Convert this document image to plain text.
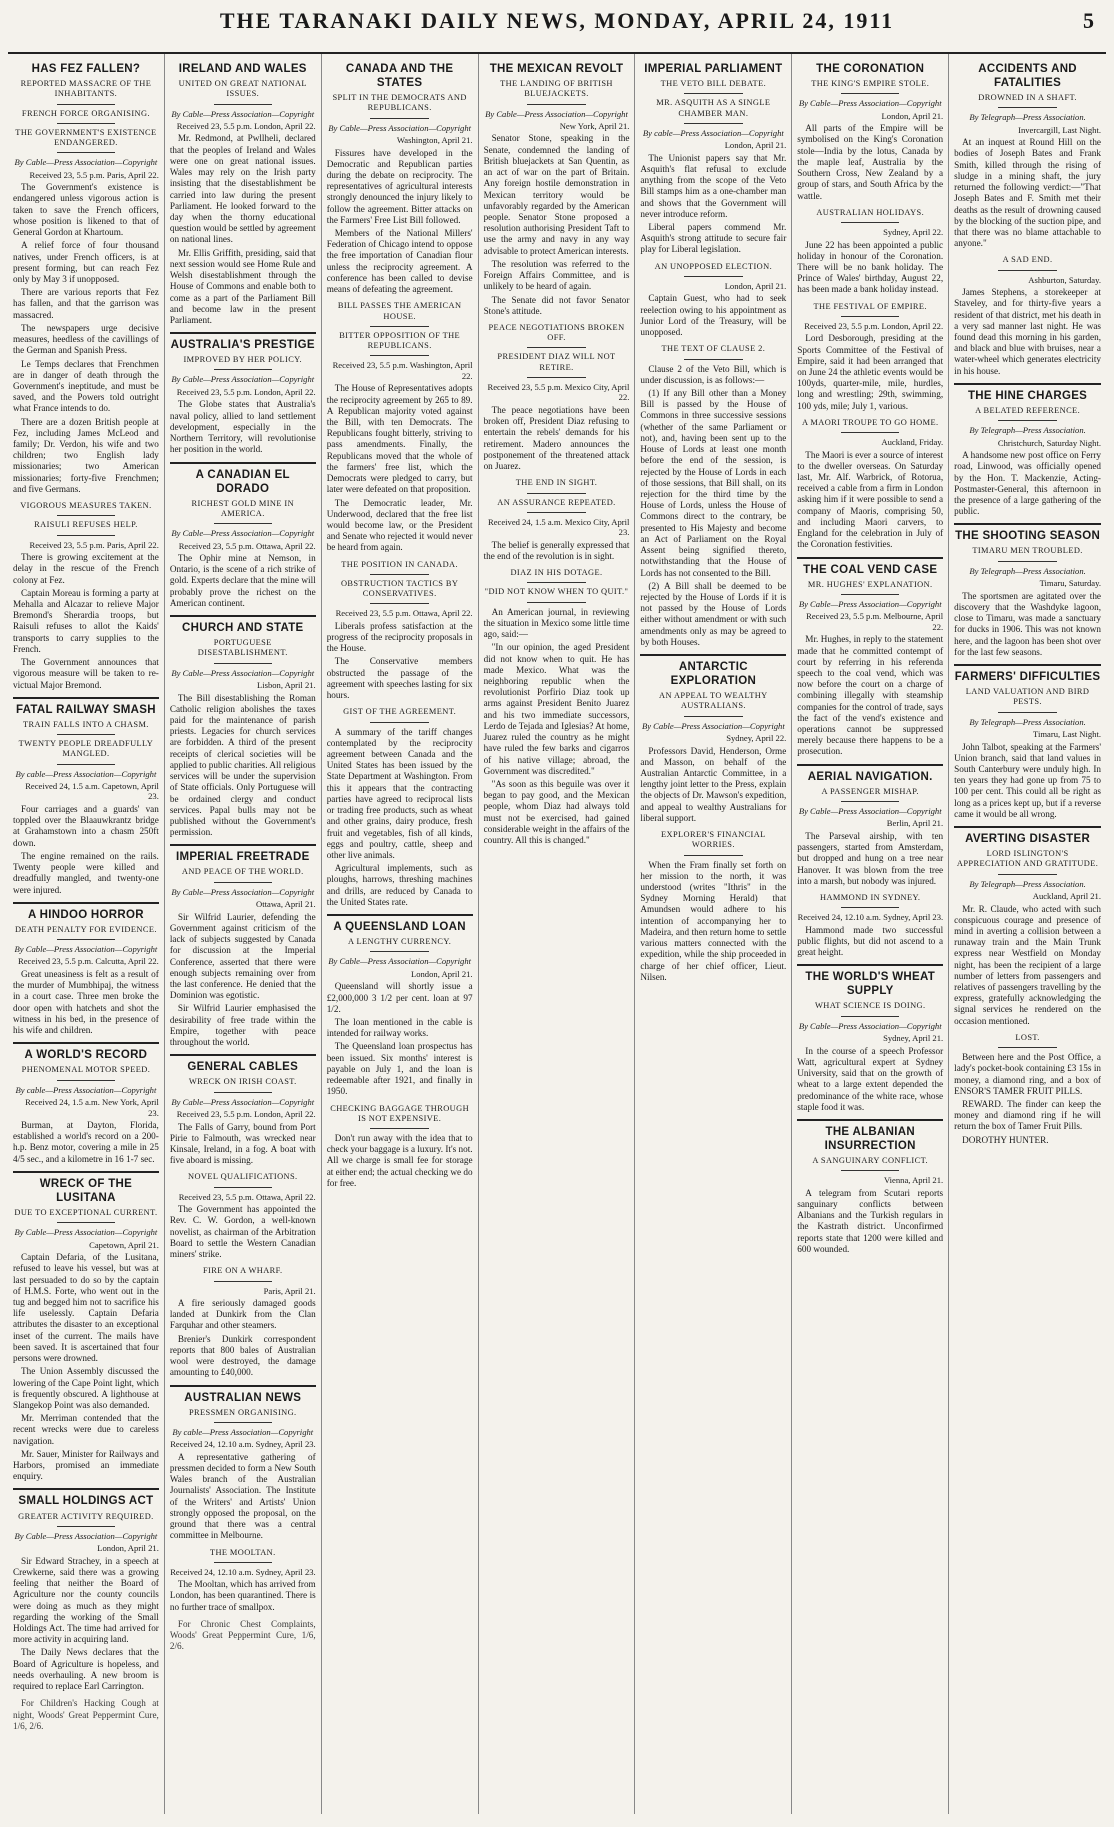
THE TARANAKI DAILY NEWS, MONDAY, APRIL 24, 1911	5
HAS FEZ FALLEN?
REPORTED MASSACRE OF THE INHABITANTS.
FRENCH FORCE ORGANISING.
THE GOVERNMENT'S EXISTENCE ENDANGERED.
By Cable—Press Association—Copyright
Received 23, 5.5 p.m. Paris, April 22.

The Government's existence is endangered unless vigorous action is taken to save the French officers, whose position is likened to that of General Gordon at Khartoum.

A relief force of four thousand natives, under French officers, is at present forming, but can reach Fez only by May 3 if unopposed.

There are various reports that Fez has fallen, and that the garrison was massacred.

The newspapers urge decisive measures, heedless of the cavillings of the German and Spanish Press.

Le Temps declares that Frenchmen are in danger of death through the Government's ineptitude, and must be saved, and the Powers told outright what France intends to do.

There are a dozen British people at Fez, including James McLeod and family; Dr. Verdon, his wife and two children; two English lady missionaries; two American missionaries; forty-five Frenchmen; and five Germans.

VIGOROUS MEASURES TAKEN.
RAISULI REFUSES HELP.
Received 23, 5.5 p.m. Paris, April 22.

There is growing excitement at the delay in the rescue of the French colony at Fez.

Captain Moreau is forming a party at Mehalla and Alcazar to relieve Major Bremond's Sherardia troops, but Raisuli refuses to allot the Kaids' transports to carry supplies to the French.

The Government announces that vigorous measure will be taken to re-victual Major Bremond.

FATAL RAILWAY SMASH
TRAIN FALLS INTO A CHASM.
TWENTY PEOPLE DREADFULLY MANGLED.
By cable—Press Association—Copyright
Received 24, 1.5 a.m. Capetown, April 23.

Four carriages and a guards' van toppled over the Blaauwkrantz bridge at Grahamstown into a chasm 250ft down.

The engine remained on the rails. Twenty people were killed and dreadfully mangled, and twenty-one were injured.

A HINDOO HORROR
DEATH PENALTY FOR EVIDENCE.
By Cable—Press Association—Copyright
Received 23, 5.5 p.m. Calcutta, April 22.

Great uneasiness is felt as a result of the murder of Mumbhipaj, the witness in a court case. Three men broke the door open with hatchets and shot the witness in his bed, in the presence of his wife and children.

A WORLD'S RECORD
PHENOMENAL MOTOR SPEED.
By cable—Press Association—Copyright
Received 24, 1.5 a.m. New York, April 23.

Burman, at Dayton, Florida, established a world's record on a 200-h.p. Benz motor, covering a mile in 25 4/5 sec., and a kilometre in 16 1-7 sec.

WRECK OF THE LUSITANA
DUE TO EXCEPTIONAL CURRENT.
By Cable—Press Association—Copyright
Capetown, April 21.

Captain Defaria, of the Lusitana, refused to leave his vessel, but was at last persuaded to do so by the captain of H.M.S. Forte, who went out in the tug and begged him not to sacrifice his life uselessly. Captain Defaria attributes the disaster to an exceptional inset of the current. The mails have been saved. It is ascertained that four persons were drowned.

The Union Assembly discussed the lowering of the Cape Point light, which is frequently obscured. A lighthouse at Slangekop Point was also demanded.

Mr. Merriman contended that the recent wrecks were due to careless navigation.

Mr. Sauer, Minister for Railways and Harbors, promised an immediate enquiry.

SMALL HOLDINGS ACT
GREATER ACTIVITY REQUIRED.
By Cable—Press Association—Copyright
London, April 21.

Sir Edward Strachey, in a speech at Crewkerne, said there was a growing feeling that neither the Board of Agriculture nor the county councils were doing as much as they might regarding the working of the Small Holdings Act. The time had arrived for more activity in acquiring land.

The Daily News declares that the Board of Agriculture is hopeless, and needs overhauling. A new broom is required to replace Earl Carrington.

For Children's Hacking Cough at night, Woods' Great Peppermint Cure, 1/6, 2/6.

IRELAND AND WALES
UNITED ON GREAT NATIONAL ISSUES.
By Cable—Press Association—Copyright
Received 23, 5.5 p.m. London, April 22.

Mr. Redmond, at Pwllheli, declared that the peoples of Ireland and Wales were one on great national issues. Wales may rely on the Irish party insisting that the disestablishment be carried into law during the present Parliament. He looked forward to the day when the thorny educational question would be settled by agreement on national lines.

Mr. Ellis Griffith, presiding, said that next session would see Home Rule and Welsh disestablishment through the House of Commons and enable both to come as a part of the Parliament Bill and become law in the present Parliament.

AUSTRALIA'S PRESTIGE
IMPROVED BY HER POLICY.
By Cable—Press Association—Copyright
Received 23, 5.5 p.m. London, April 22.

The Globe states that Australia's naval policy, allied to land settlement development, especially in the Northern Territory, will revolutionise her position in the world.

A CANADIAN EL DORADO
RICHEST GOLD MINE IN AMERICA.
By Cable—Press Association—Copyright
Received 23, 5.5 p.m. Ottawa, April 22.

The Ophir mine at Nemson, in Ontario, is the scene of a rich strike of gold. Experts declare that the mine will probably prove the richest on the American continent.

CHURCH AND STATE
PORTUGUESE DISESTABLISHMENT.
By Cable—Press Association—Copyright
Lisbon, April 21.

The Bill disestablishing the Roman Catholic religion abolishes the taxes paid for the maintenance of parish priests. Legacies for church services are forbidden. A third of the present receipts of clerical societies will be applied to public charities. All religious services will be under the supervision of State officials. Only Portuguese will be ordained clergy and conduct services. Papal bulls may not be published without the Government's permission.

IMPERIAL FREETRADE
AND PEACE OF THE WORLD.
By Cable—Press Association—Copyright
Ottawa, April 21.

Sir Wilfrid Laurier, defending the Government against criticism of the lack of subjects suggested by Canada for discussion at the Imperial Conference, asserted that there were enough subjects remaining over from the last conference. He denied that the Dominion was egotistic.

Sir Wilfrid Laurier emphasised the desirability of free trade within the Empire, together with peace throughout the world.

GENERAL CABLES
WRECK ON IRISH COAST.
By Cable—Press Association—Copyright
Received 23, 5.5 p.m. London, April 22.

The Falls of Garry, bound from Port Pirie to Falmouth, was wrecked near Kinsale, Ireland, in a fog. A boat with five aboard is missing.

NOVEL QUALIFICATIONS.
Received 23, 5.5 p.m. Ottawa, April 22.

The Government has appointed the Rev. C. W. Gordon, a well-known novelist, as chairman of the Arbitration Board to settle the Western Canadian miners' strike.

FIRE ON A WHARF.
Paris, April 21.

A fire seriously damaged goods landed at Dunkirk from the Clan Farquhar and other steamers.

Brenier's Dunkirk correspondent reports that 800 bales of Australian wool were destroyed, the damage amounting to £40,000.

AUSTRALIAN NEWS
PRESSMEN ORGANISING.
By cable—Press Association—Copyright
Received 24, 12.10 a.m. Sydney, April 23.

A representative gathering of pressmen decided to form a New South Wales branch of the Australian Journalists' Association. The Institute of the Writers' and Artists' Union strongly opposed the proposal, on the ground that there was a central committee in Melbourne.

THE MOOLTAN.
Received 24, 12.10 a.m. Sydney, April 23.

The Mooltan, which has arrived from London, has been quarantined. There is no further trace of smallpox.

For Chronic Chest Complaints, Woods' Great Peppermint Cure, 1/6, 2/6.

CANADA AND THE STATES
SPLIT IN THE DEMOCRATS AND REPUBLICANS.
By Cable—Press Association—Copyright
Washington, April 21.

Fissures have developed in the Democratic and Republican parties during the debate on reciprocity. The representatives of agricultural interests strongly denounced the injury likely to follow the agreement. Bitter attacks on the Farmers' Free List Bill followed.

Members of the National Millers' Federation of Chicago intend to oppose the free importation of Canadian flour unless the reciprocity agreement. A conference has been called to devise means of defeating the agreement.

BILL PASSES THE AMERICAN HOUSE.
BITTER OPPOSITION OF THE REPUBLICANS.
Received 23, 5.5 p.m. Washington, April 22.

The House of Representatives adopts the reciprocity agreement by 265 to 89. A Republican majority voted against the Bill, with ten Democrats. The Republicans fought bitterly, striving to pass amendments. Finally, the Republicans moved that the whole of the farmers' free list, which the Democrats were pledged to carry, but later were defeated on that proposition.

The Democratic leader, Mr. Underwood, declared that the free list would become law, or the President and Senate who rejected it would never be heard from again.

THE POSITION IN CANADA.
OBSTRUCTION TACTICS BY CONSERVATIVES.
Received 23, 5.5 p.m. Ottawa, April 22.

Liberals profess satisfaction at the progress of the reciprocity proposals in the House.

The Conservative members obstructed the passage of the agreement with speeches lasting for six hours.

GIST OF THE AGREEMENT.

A summary of the tariff changes contemplated by the reciprocity agreement between Canada and the United States has been issued by the State Department at Washington. From this it appears that the contracting parties have agreed to reciprocal lists or trading free products, such as wheat and other grains, dairy produce, fresh fruit and vegetables, fish of all kinds, eggs and poultry, cattle, sheep and other live animals.

Agricultural implements, such as ploughs, harrows, threshing machines and drills, are reduced by Canada to the United States rate.

A QUEENSLAND LOAN
A LENGTHY CURRENCY.
By Cable—Press Association—Copyright
London, April 21.

Queensland will shortly issue a £2,000,000 3 1/2 per cent. loan at 97 1/2.

The loan mentioned in the cable is intended for railway works.

The Queensland loan prospectus has been issued. Six months' interest is payable on July 1, and the loan is redeemable after 1921, and finally in 1950.

CHECKING BAGGAGE THROUGH IS NOT EXPENSIVE.

Don't run away with the idea that to check your baggage is a luxury. It's not. All we charge is small fee for storage at either end; the actual checking we do for free.

THE MEXICAN REVOLT
THE LANDING OF BRITISH BLUEJACKETS.
By Cable—Press Association—Copyright
New York, April 21.

Senator Stone, speaking in the Senate, condemned the landing of British bluejackets at San Quentin, as an act of war on the part of Britain. Any foreign hostile demonstration in Mexican territory would be unfavorably regarded by the American people. Senator Stone proposed a resolution authorising President Taft to use the army and navy in any way advisable to protect American interests.

The resolution was referred to the Foreign Affairs Committee, and is unlikely to be heard of again.

The Senate did not favor Senator Stone's attitude.

PEACE NEGOTIATIONS BROKEN OFF.
PRESIDENT DIAZ WILL NOT RETIRE.
Received 23, 5.5 p.m. Mexico City, April 22.

The peace negotiations have been broken off, President Diaz refusing to entertain the rebels' demands for his retirement. Madero announces the postponement of the threatened attack on Juarez.

THE END IN SIGHT.
AN ASSURANCE REPEATED.
Received 24, 1.5 a.m. Mexico City, April 23.

The belief is generally expressed that the end of the revolution is in sight.

DIAZ IN HIS DOTAGE.
"DID NOT KNOW WHEN TO QUIT."

An American journal, in reviewing the situation in Mexico some little time ago, said:—

"In our opinion, the aged President did not know when to quit. He has made Mexico. What was the neighboring republic when the revolutionist Porfirio Diaz took up arms against President Benito Juarez and his two immediate successors, Lerdo de Tejada and Iglesias? At home, Juarez ruled the country as he might have ruled the few barks and cigarros of his native village; abroad, the Government was discredited."

"As soon as this beguile was over it began to pay good, and the Mexican people, whom Diaz had always told must not be exercised, had gained considerable weight in the affairs of the country. All this is changed."

IMPERIAL PARLIAMENT
THE VETO BILL DEBATE.
MR. ASQUITH AS A SINGLE CHAMBER MAN.
By cable—Press Association—Copyright
London, April 21.

The Unionist papers say that Mr. Asquith's flat refusal to exclude anything from the scope of the Veto Bill stamps him as a one-chamber man and shows that the Government will never introduce reform.

Liberal papers commend Mr. Asquith's strong attitude to secure fair play for Liberal legislation.

AN UNOPPOSED ELECTION.
London, April 21.

Captain Guest, who had to seek reelection owing to his appointment as Junior Lord of the Treasury, will be unopposed.

THE TEXT OF CLAUSE 2.

Clause 2 of the Veto Bill, which is under discussion, is as follows:—

(1) If any Bill other than a Money Bill is passed by the House of Commons in three successive sessions (whether of the same Parliament or not), and, having been sent up to the House of Lords at least one month before the end of the session, is rejected by the House of Lords in each of those sessions, that Bill shall, on its rejection for the third time by the House of Lords, unless the House of Commons direct to the contrary, be presented to His Majesty and become an Act of Parliament on the Royal Assent being signified thereto, notwithstanding that the House of Lords has not consented to the Bill.

(2) A Bill shall be deemed to be rejected by the House of Lords if it is not passed by the House of Lords either without amendment or with such amendments only as may be agreed to by both Houses.

ANTARCTIC EXPLORATION
AN APPEAL TO WEALTHY AUSTRALIANS.
By Cable—Press Association—Copyright
Sydney, April 22.

Professors David, Henderson, Orme and Masson, on behalf of the Australian Antarctic Committee, in a lengthy joint letter to the Press, explain the objects of Dr. Mawson's expedition, and appeal to wealthy Australians for liberal support.

EXPLORER'S FINANCIAL WORRIES.

When the Fram finally set forth on her mission to the north, it was understood (writes "Ithris" in the Sydney Morning Herald) that Amundsen would adhere to his intention of accompanying her to Madeira, and then return home to settle various matters connected with the expedition, while the ship proceeded in charge of her chief officer, Lieut. Nilsen.

THE CORONATION
THE KING'S EMPIRE STOLE.
By Cable—Press Association—Copyright
London, April 21.

All parts of the Empire will be symbolised on the King's Coronation stole—India by the lotus, Canada by the maple leaf, Australia by the Southern Cross, New Zealand by a group of stars, and South Africa by the wattle.

AUSTRALIAN HOLIDAYS.
Sydney, April 22.

June 22 has been appointed a public holiday in honour of the Coronation. There will be no bank holiday. The Prince of Wales' birthday, August 22, has been made a bank holiday instead.

THE FESTIVAL OF EMPIRE.
Received 23, 5.5 p.m. London, April 22.

Lord Desborough, presiding at the Sports Committee of the Festival of Empire, said it had been arranged that on June 24 the athletic events would be 100yds, quarter-mile, mile, hurdles, long and wrestling; 29th, swimming, 100 yds, mile; July 1, various.

A MAORI TROUPE TO GO HOME.
Auckland, Friday.

The Maori is ever a source of interest to the dweller overseas. On Saturday last, Mr. Alf. Warbrick, of Rotorua, received a cable from a firm in London asking him if it were possible to send a company of Maoris, comprising 50, and including Maori carvers, to England for the celebration in July of the Coronation festivities.

THE COAL VEND CASE
MR. HUGHES' EXPLANATION.
By Cable—Press Association—Copyright
Received 23, 5.5 p.m. Melbourne, April 22.

Mr. Hughes, in reply to the statement made that he committed contempt of court by referring in his referenda speech to the coal vend, which was now before the court on a charge of combining illegally with steamship companies for the control of trade, says the fact of the vend's existence and operations cannot be suppressed merely because there happens to be a prosecution.

AERIAL NAVIGATION.
A PASSENGER MISHAP.
By Cable—Press Association—Copyright
Berlin, April 21.

The Parseval airship, with ten passengers, started from Amsterdam, but dropped and hung on a tree near Hanover. It was blown from the tree into a marsh, but nobody was injured.

HAMMOND IN SYDNEY.
Received 24, 12.10 a.m. Sydney, April 23.

Hammond made two successful public flights, but did not ascend to a great height.

THE WORLD'S WHEAT SUPPLY
WHAT SCIENCE IS DOING.
By Cable—Press Association—Copyright
Sydney, April 21.

In the course of a speech Professor Watt, agricultural expert at Sydney University, said that on the growth of wheat to a large extent depended the predominance of the white race, whose staple food it was.

THE ALBANIAN INSURRECTION
A SANGUINARY CONFLICT.
Vienna, April 21.

A telegram from Scutari reports sanguinary conflicts between Albanians and the Turkish regulars in the Kastrath district. Unconfirmed reports state that 1200 were killed and 600 wounded.

ACCIDENTS AND FATALITIES
DROWNED IN A SHAFT.
By Telegraph—Press Association.
Invercargill, Last Night.

At an inquest at Round Hill on the bodies of Joseph Bates and Frank Smith, killed through the rising of sludge in a mining shaft, the jury returned the following verdict:—"That Joseph Bates and F. Smith met their deaths as the result of drowning caused by the blocking of the suction pipe, and that there was no blame attachable to anyone."

A SAD END.
Ashburton, Saturday.

James Stephens, a storekeeper at Staveley, and for thirty-five years a resident of that district, met his death in a very sad manner last night. He was found dead this morning in his garden, and black and blue with bruises, near a water-wheel which generates electricity in his house.

THE HINE CHARGES
A BELATED REFERENCE.
By Telegraph—Press Association.
Christchurch, Saturday Night.

A handsome new post office on Ferry road, Linwood, was officially opened by the Hon. T. Mackenzie, Acting-Postmaster-General, this afternoon in the presence of a large gathering of the public.

THE SHOOTING SEASON
TIMARU MEN TROUBLED.
By Telegraph—Press Association.
Timaru, Saturday.

The sportsmen are agitated over the discovery that the Washdyke lagoon, close to Timaru, was made a sanctuary for ducks in 1906. This was not known here, and the lagoon has been shot over for the last few seasons.

FARMERS' DIFFICULTIES
LAND VALUATION AND BIRD PESTS.
By Telegraph—Press Association.
Timaru, Last Night.

John Talbot, speaking at the Farmers' Union branch, said that land values in South Canterbury were unduly high. In ten years they had gone up from 75 to 100 per cent. This could all be right as long as a prices kept up, but if a reverse came it would be all wrong.

AVERTING DISASTER
LORD ISLINGTON'S APPRECIATION AND GRATITUDE.
By Telegraph—Press Association.
Auckland, April 21.

Mr. R. Claude, who acted with such conspicuous courage and presence of mind in averting a collision between a runaway train and the Main Trunk express near Westfield on Monday night, has been the recipient of a large number of letters from passengers and relatives of passengers travelling by the express, gratefully acknowledging the signal services he rendered on the occasion mentioned.

LOST.

Between here and the Post Office, a lady's pocket-book containing £3 15s in money, a diamond ring, and a box of ENSOR'S TAMER FRUIT PILLS.

REWARD. The finder can keep the money and diamond ring if he will return the box of Tamer Fruit Pills.

DOROTHY HUNTER.
